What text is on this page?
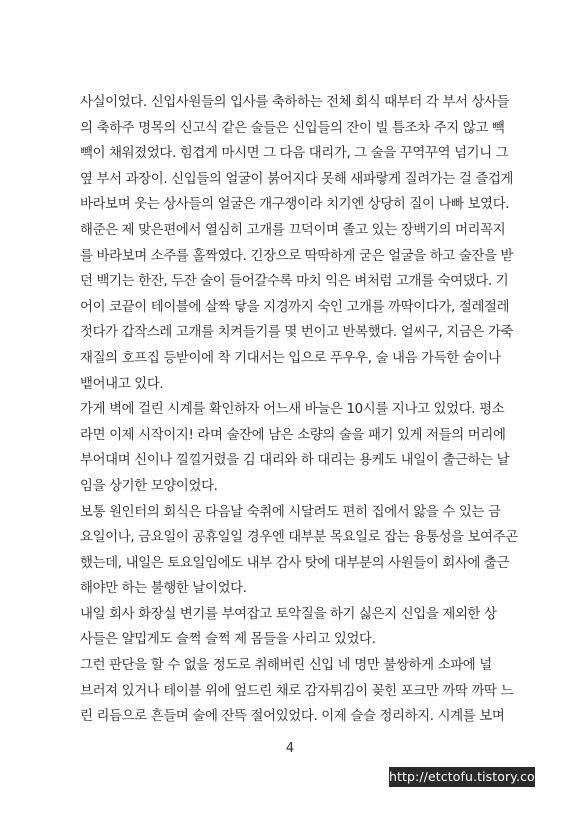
사실이었다. 신입사원들의 입사를 축하하는 전체 회식 때부터 각 부서 상사들
의 축하주 명목의 신고식 같은 술들은 신입들의 잔이 빌 틈조차 주지 않고 빽
빽이 채워졌었다. 힘겹게 마시면 그 다음 대리가, 그 술을 꾸역꾸역 넘기니 그
옆 부서 과장이. 신입들의 얼굴이 붉어지다 못해 새파랗게 질려가는 걸 즐겁게
바라보며 웃는 상사들의 얼굴은 개구쟁이라 치기엔 상당히 질이 나빠 보였다.
해준은 제 맞은편에서 열심히 고개를 끄덕이며 졸고 있는 장백기의 머리꼭지
를 바라보며 소주를 홀짝였다. 긴장으로 딱딱하게 굳은 얼굴을 하고 술잔을 받
던 백기는 한잔, 두잔 술이 들어갈수록 마치 익은 벼처럼 고개를 숙여댔다. 기
어이 코끝이 테이블에 살짝 닿을 지경까지 숙인 고개를 까딱이다가, 절레절레
젓다가 갑작스레 고개를 치켜들기를 몇 번이고 반복했다. 얼씨구, 지금은 가죽
재질의 호프집 등받이에 착 기대서는 입으로 푸우우, 술 내음 가득한 숨이나
뱉어내고 있다.
가게 벽에 걸린 시계를 확인하자 어느새 바늘은 10시를 지나고 있었다. 평소
라면 이제 시작이지! 라며 술잔에 남은 소량의 술을 패기 있게 저들의 머리에
부어대며 신이나 낄낄거렸을 김 대리와 하 대리는 용케도 내일이 출근하는 날
임을 상기한 모양이었다.
보통 원인터의 회식은 다음날 숙취에 시달려도 편히 집에서 앓을 수 있는 금
요일이나, 금요일이 공휴일일 경우엔 대부분 목요일로 잡는 융통성을 보여주곤
했는데, 내일은 토요일임에도 내부 감사 탓에 대부분의 사원들이 회사에 출근
해야만 하는 불행한 날이었다.
내일 회사 화장실 변기를 부여잡고 토악질을 하기 싫은지 신입을 제외한 상
사들은 얄밉게도 슬쩍 슬쩍 제 몸들을 사리고 있었다.
그런 판단을 할 수 없을 정도로 취해버린 신입 네 명만 불쌍하게 소파에 널
브러져 있거나 테이블 위에 엎드린 채로 감자튀김이 꽂힌 포크만 까딱 까딱 느
린 리듬으로 흔들며 술에 잔뜩 절어있었다. 이제 슬슬 정리하지. 시계를 보며
4
http://etctofu.tistory.com
